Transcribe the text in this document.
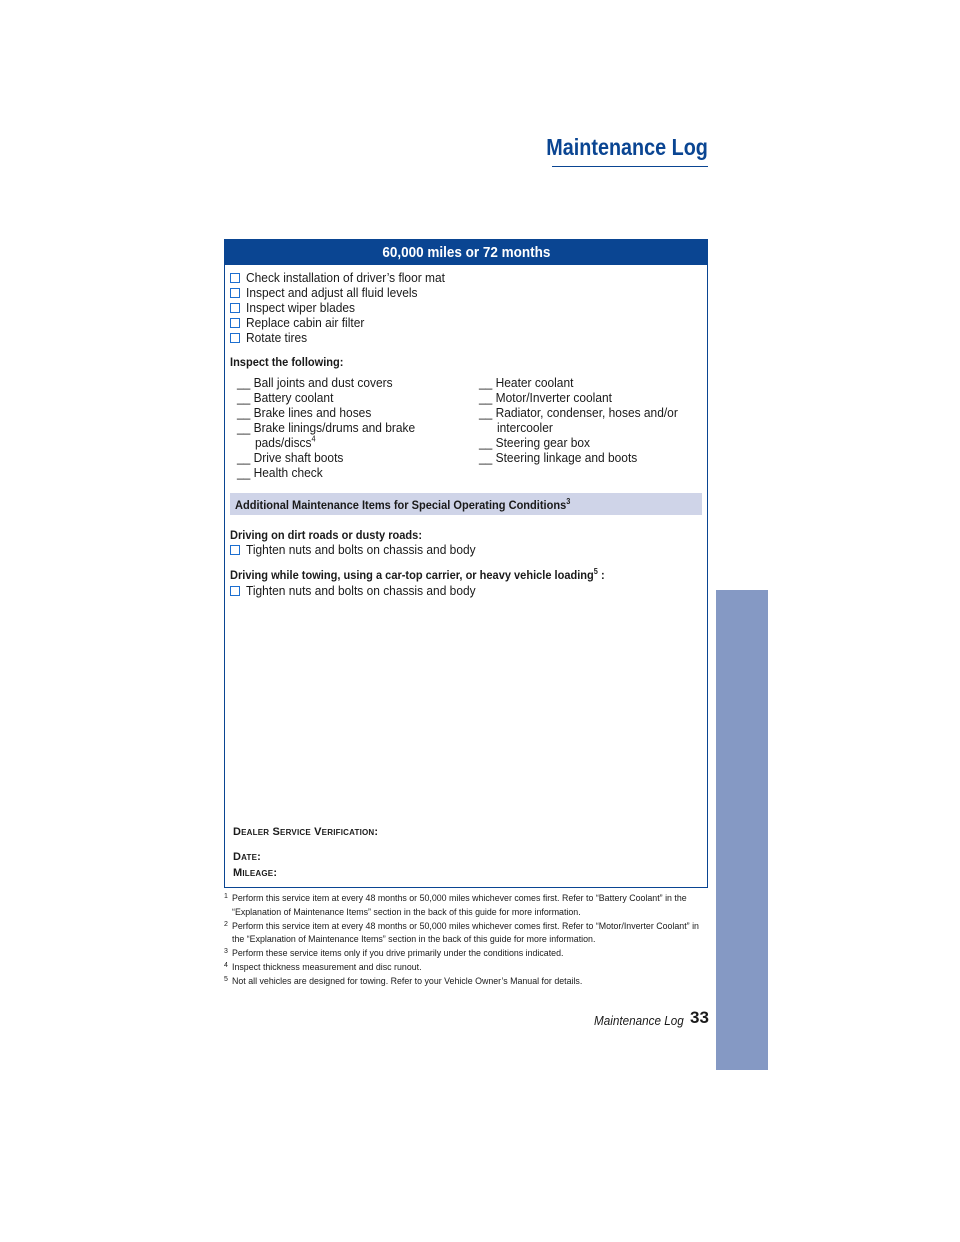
Maintenance Log
60,000 miles or 72 months
Check installation of driver’s floor mat
Inspect and adjust all fluid levels
Inspect wiper blades
Replace cabin air filter
Rotate tires
Inspect the following:
__ Ball joints and dust covers
__ Battery coolant
__ Brake lines and hoses
__ Brake linings/drums and brake
pads/discs$^4$
__ Drive shaft boots
__ Health check
__ Heater coolant
__ Motor/Inverter coolant
__ Radiator, condenser, hoses and/or
intercooler
__ Steering gear box
__ Steering linkage and boots
Additional Maintenance Items for Special Operating Conditions$^3$
Driving on dirt roads or dusty roads:
Tighten nuts and bolts on chassis and body
Driving while towing, using a car-top carrier, or heavy vehicle loading$^5$ :
Tighten nuts and bolts on chassis and body
Dealer Service Verification:
Date:
Mileage:
1 Perform this service item at every 48 months or 50,000 miles whichever comes first. Refer to “Battery Coolant” in the “Explanation of Maintenance Items” section in the back of this guide for more information.
2 Perform this service item at every 48 months or 50,000 miles whichever comes first. Refer to “Motor/Inverter Coolant” in the “Explanation of Maintenance Items” section in the back of this guide for more information.
3 Perform these service items only if you drive primarily under the conditions indicated.
4 Inspect thickness measurement and disc runout.
5 Not all vehicles are designed for towing. Refer to your Vehicle Owner’s Manual for details.
Maintenance Log 33
MAINTENANCE
